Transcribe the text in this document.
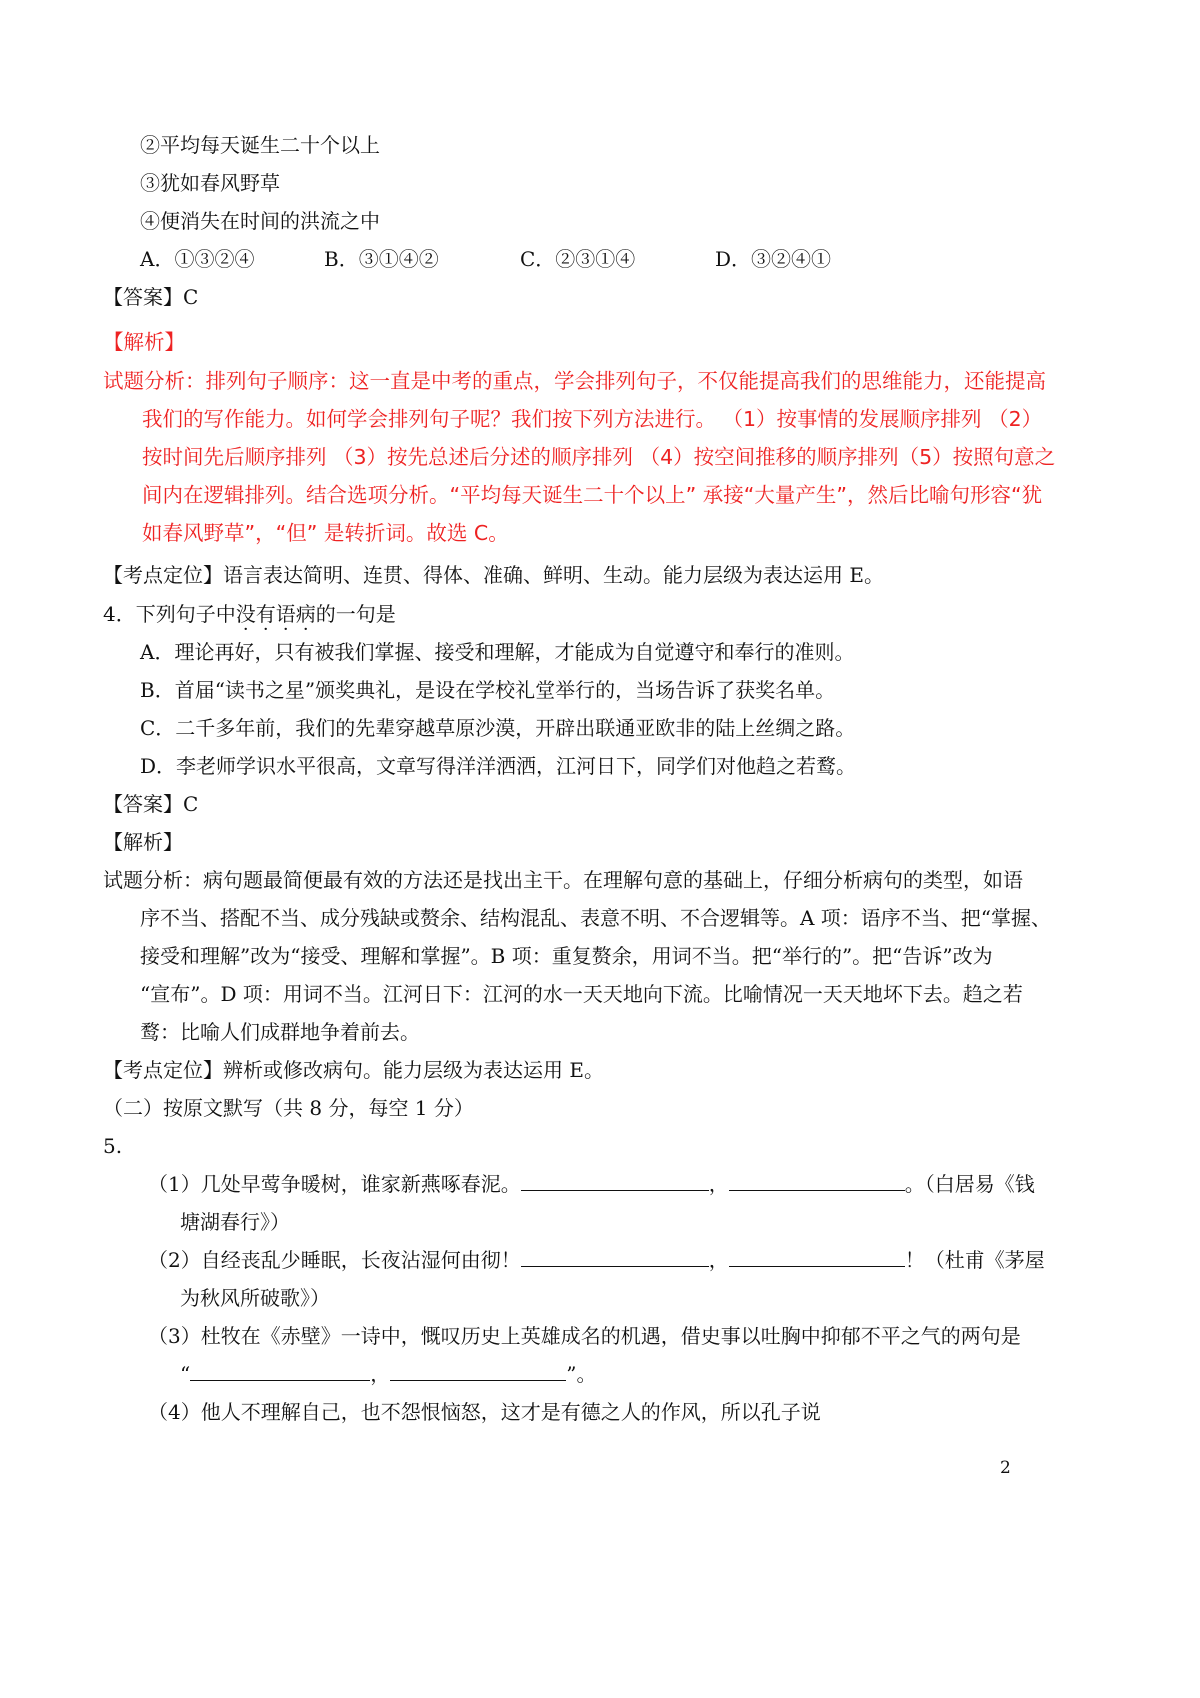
②平均每天诞生二十个以上
③犹如春风野草
④便消失在时间的洪流之中
A．①③②④	B．③①④②	C．②③①④	D．③②④①
【答案】C
【解析】
试题分析：排列句子顺序：这一直是中考的重点，学会排列句子，不仅能提高我们的思维能力，还能提高
我们的写作能力。如何学会排列句子呢？我们按下列方法进行。 （1）按事情的发展顺序排列 （2）
按时间先后顺序排列 （3）按先总述后分述的顺序排列 （4）按空间推移的顺序排列（5）按照句意之
间内在逻辑排列。结合选项分析。“平均每天诞生二十个以上” 承接“大量产生”，然后比喻句形容“犹
如春风野草”，“但” 是转折词。故选 C。
【考点定位】语言表达简明、连贯、得体、准确、鲜明、生动。能力层级为表达运用 E。
4．下列句子中没有语病的一句是
A．理论再好，只有被我们掌握、接受和理解，才能成为自觉遵守和奉行的准则。
B．首届“读书之星”颁奖典礼，是设在学校礼堂举行的，当场告诉了获奖名单。
C．二千多年前，我们的先辈穿越草原沙漠，开辟出联通亚欧非的陆上丝绸之路。
D．李老师学识水平很高，文章写得洋洋洒洒，江河日下，同学们对他趋之若鹜。
【答案】C
【解析】
试题分析：病句题最简便最有效的方法还是找出主干。在理解句意的基础上，仔细分析病句的类型，如语
序不当、搭配不当、成分残缺或赘余、结构混乱、表意不明、不合逻辑等。A 项：语序不当、把“掌握、
接受和理解”改为“接受、理解和掌握”。B 项：重复赘余，用词不当。把“举行的”。把“告诉”改为
“宣布”。D 项：用词不当。江河日下：江河的水一天天地向下流。比喻情况一天天地坏下去。趋之若
鹜：比喻人们成群地争着前去。
【考点定位】辨析或修改病句。能力层级为表达运用 E。
（二）按原文默写（共 8 分，每空 1 分）
5.
（1）几处早莺争暖树，谁家新燕啄春泥。	，	。（白居易《钱
塘湖春行》）
（2）自经丧乱少睡眠，长夜沾湿何由彻！	，	！（杜甫《茅屋
为秋风所破歌》）
（3）杜牧在《赤壁》一诗中，慨叹历史上英雄成名的机遇，借史事以吐胸中抑郁不平之气的两句是
“	，	”。
（4）他人不理解自己，也不怨恨恼怒，这才是有德之人的作风，所以孔子说
2
